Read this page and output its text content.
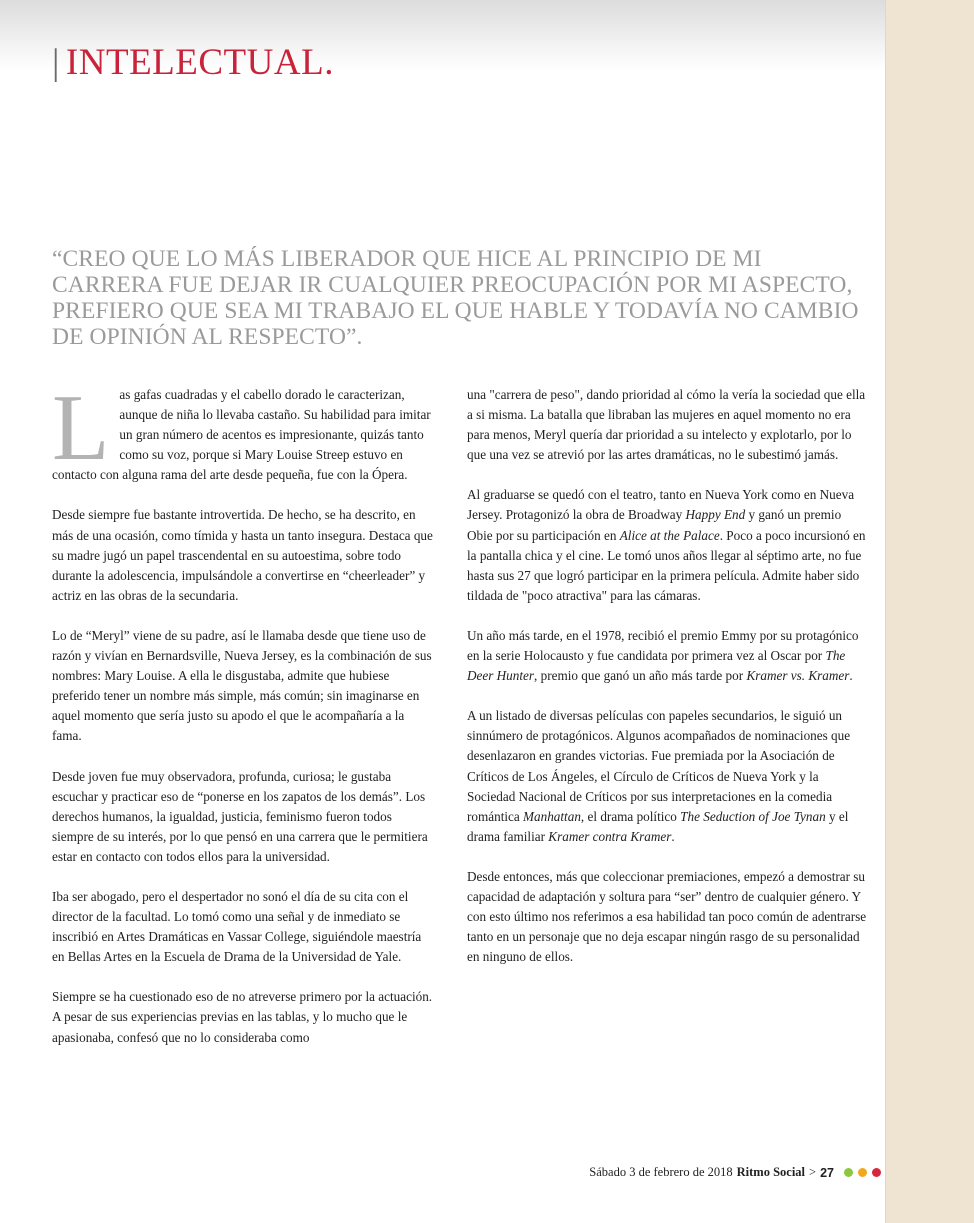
| INTELECTUAL.

“CREO QUE LO MÁS LIBERADOR QUE HICE AL PRINCIPIO DE MI CARRERA FUE DEJAR IR CUALQUIER PREOCUPACIÓN POR MI ASPECTO, PREFIERO QUE SEA MI TRABAJO EL QUE HABLE Y TODAVÍA NO CAMBIO DE OPINIÓN AL RESPECTO”.

Las gafas cuadradas y el cabello dorado le caracterizan, aunque de niña lo llevaba castaño. Su habilidad para imitar un gran número de acentos es impresionante, quizás tanto como su voz, porque si Mary Louise Streep estuvo en contacto con alguna rama del arte desde pequeña, fue con la Ópera.

Desde siempre fue bastante introvertida. De hecho, se ha descrito, en más de una ocasión, como tímida y hasta un tanto insegura. Destaca que su madre jugó un papel trascendental en su autoestima, sobre todo durante la adolescencia, impulsándole a convertirse en “cheerleader” y actriz en las obras de la secundaria.

Lo de “Meryl” viene de su padre, así le llamaba desde que tiene uso de razón y vivían en Bernardsville, Nueva Jersey, es la combinación de sus nombres: Mary Louise. A ella le disgustaba, admite que hubiese preferido tener un nombre más simple, más común; sin imaginarse en aquel momento que sería justo su apodo el que le acompañaría a la fama.

Desde joven fue muy observadora, profunda, curiosa; le gustaba escuchar y practicar eso de “ponerse en los zapatos de los demás”. Los derechos humanos, la igualdad, justicia, feminismo fueron todos siempre de su interés, por lo que pensó en una carrera que le permitiera estar en contacto con todos ellos para la universidad.

Iba ser abogado, pero el despertador no sonó el día de su cita con el director de la facultad. Lo tomó como una señal y de inmediato se inscribió en Artes Dramáticas en Vassar College, siguiéndole maestría en Bellas Artes en la Escuela de Drama de la Universidad de Yale.

Siempre se ha cuestionado eso de no atreverse primero por la actuación. A pesar de sus experiencias previas en las tablas, y lo mucho que le apasionaba, confesó que no lo consideraba como

una "carrera de peso", dando prioridad al cómo la vería la sociedad que ella a si misma. La batalla que libraban las mujeres en aquel momento no era para menos, Meryl quería dar prioridad a su intelecto y explotarlo, por lo que una vez se atrevió por las artes dramáticas, no le subestimó jamás.

Al graduarse se quedó con el teatro, tanto en Nueva York como en Nueva Jersey. Protagonizó la obra de Broadway Happy End y ganó un premio Obie por su participación en Alice at the Palace. Poco a poco incursionó en la pantalla chica y el cine. Le tomó unos años llegar al séptimo arte, no fue hasta sus 27 que logró participar en la primera película. Admite haber sido tildada de "poco atractiva" para las cámaras.

Un año más tarde, en el 1978, recibió el premio Emmy por su protagónico en la serie Holocausto y fue candidata por primera vez al Oscar por The Deer Hunter, premio que ganó un año más tarde por Kramer vs. Kramer.

A un listado de diversas películas con papeles secundarios, le siguió un sinnúmero de protagónicos. Algunos acompañados de nominaciones que desenlazaron en grandes victorias. Fue premiada por la Asociación de Críticos de Los Ángeles, el Círculo de Críticos de Nueva York y la Sociedad Nacional de Críticos por sus interpretaciones en la comedia romántica Manhattan, el drama político The Seduction of Joe Tynan y el drama familiar Kramer contra Kramer.

Desde entonces, más que coleccionar premiaciones, empezó a demostrar su capacidad de adaptación y soltura para “ser” dentro de cualquier género. Y con esto último nos referimos a esa habilidad tan poco común de adentrarse tanto en un personaje que no deja escapar ningún rasgo de su personalidad en ninguno de ellos.

Sábado 3 de febrero de 2018 Ritmo Social > 27
